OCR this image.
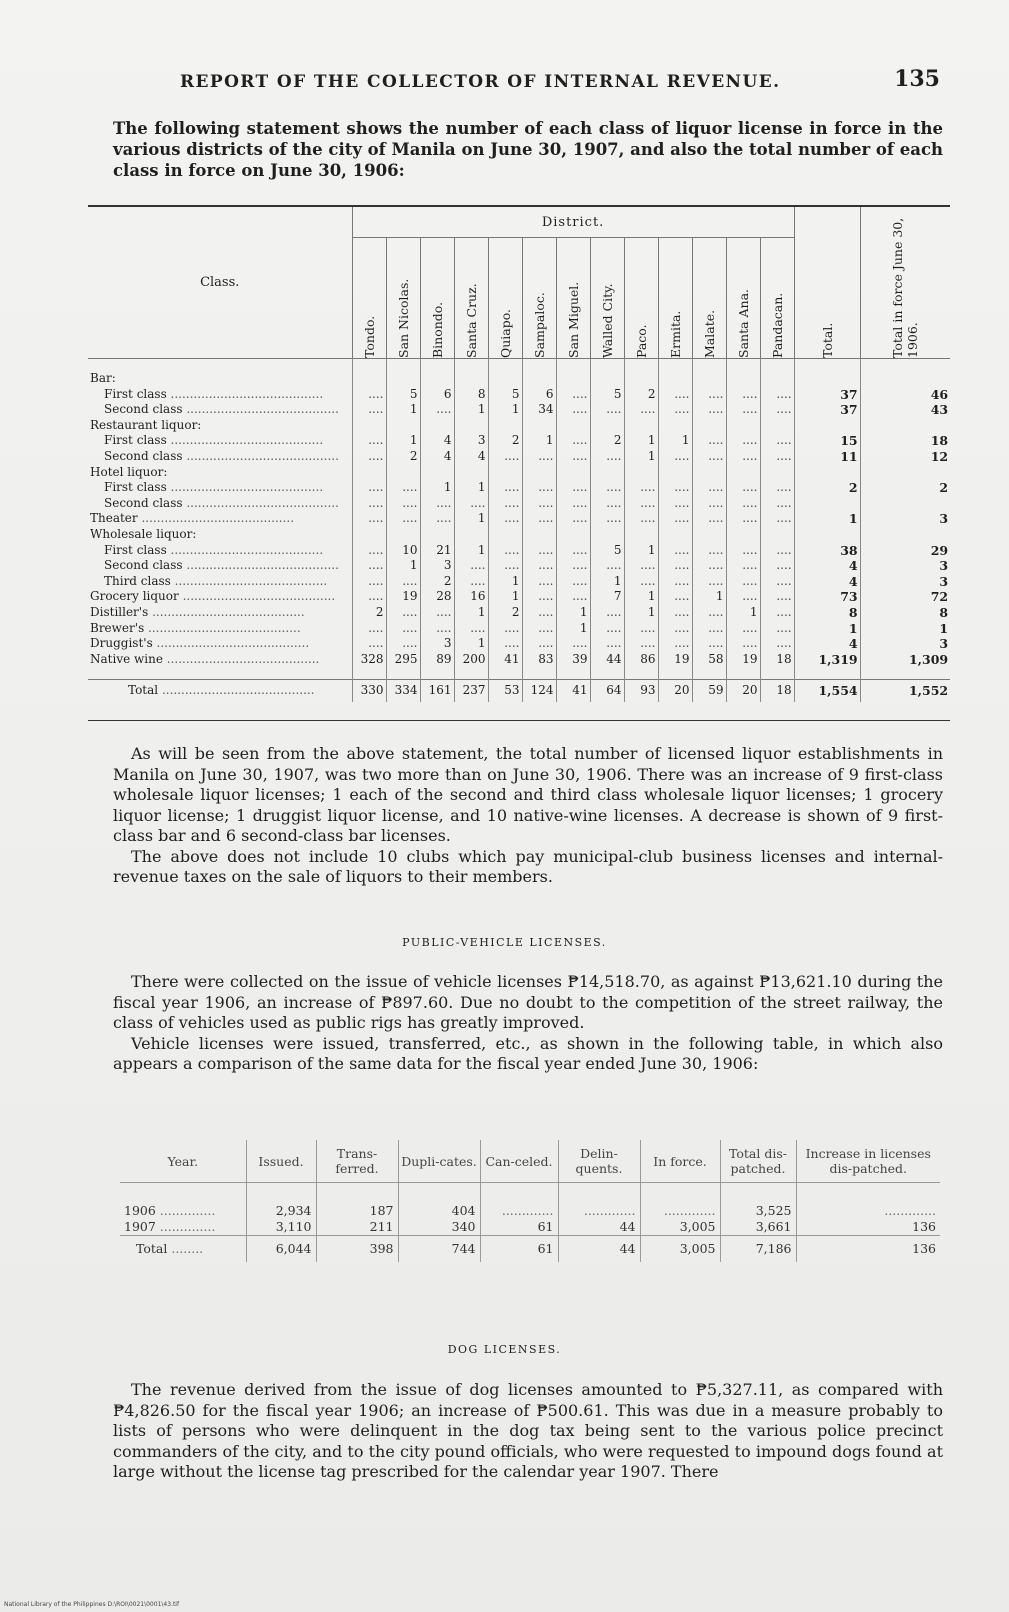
REPORT OF THE COLLECTOR OF INTERNAL REVENUE.	135
The following statement shows the number of each class of liquor license in force in the various districts of the city of Manila on June 30, 1907, and also the total number of each class in force on June 30, 1906:
Class.	District.													Total.	Total in force June 30, 1906.

	Tondo.	San Nicolas.	Binondo.	Santa Cruz.	Quiapo.	Sampaloc.	San Miguel.	Walled City.	Paco.	Ermita.	Malate.	Santa Ana.	Pandacan.		

Bar:															
First class ........................................	....	5	6	8	5	6	....	5	2	....	....	....	....	37	46
Second class ........................................	....	1	....	1	1	34	....	....	....	....	....	....	....	37	43
Restaurant liquor:															
First class ........................................	....	1	4	3	2	1	....	2	1	1	....	....	....	15	18
Second class ........................................	....	2	4	4	....	....	....	....	1	....	....	....	....	11	12
Hotel liquor:															
First class ........................................	....	....	1	1	....	....	....	....	....	....	....	....	....	2	2
Second class ........................................	....	....	....	....	....	....	....	....	....	....	....	....	....		
Theater ........................................	....	....	....	1	....	....	....	....	....	....	....	....	....	1	3
Wholesale liquor:															
First class ........................................	....	10	21	1	....	....	....	5	1	....	....	....	....	38	29
Second class ........................................	....	1	3	....	....	....	....	....	....	....	....	....	....	4	3
Third class ........................................	....	....	2	....	1	....	....	1	....	....	....	....	....	4	3
Grocery liquor ........................................	....	19	28	16	1	....	....	7	1	....	1	....	....	73	72
Distiller's ........................................	2	....	....	1	2	....	1	....	1	....	....	1	....	8	8
Brewer's ........................................	....	....	....	....	....	....	1	....	....	....	....	....	....	1	1
Druggist's ........................................	....	....	3	1	....	....	....	....	....	....	....	....	....	4	3
Native wine ........................................	328	295	89	200	41	83	39	44	86	19	58	19	18	1,319	1,309

Total ........................................	330	334	161	237	53	124	41	64	93	20	59	20	18	1,554	1,552

As will be seen from the above statement, the total number of licensed liquor establishments in Manila on June 30, 1907, was two more than on June 30, 1906. There was an increase of 9 first-class wholesale liquor licenses; 1 each of the second and third class wholesale liquor licenses; 1 grocery liquor license; 1 druggist liquor license, and 10 native-wine licenses. A decrease is shown of 9 first-class bar and 6 second-class bar licenses.

The above does not include 10 clubs which pay municipal-club business licenses and internal-revenue taxes on the sale of liquors to their members.

PUBLIC-VEHICLE LICENSES.

There were collected on the issue of vehicle licenses ₱14,518.70, as against ₱13,621.10 during the fiscal year 1906, an increase of ₱897.60. Due no doubt to the competition of the street railway, the class of vehicles used as public rigs has greatly improved.

Vehicle licenses were issued, transferred, etc., as shown in the following table, in which also appears a comparison of the same data for the fiscal year ended June 30, 1906:

Year.	Issued.	Trans-ferred.	Dupli-cates.	Can-celed.	Delin-quents.	In force.	Total dis-patched.	Increase in licenses dis-patched.

1906 ..............	2,934	187	404	.............	.............	.............	3,525	.............
1907 ..............	3,110	211	340	61	44	3,005	3,661	136
Total ........	6,044	398	744	61	44	3,005	7,186	136
DOG LICENSES.

The revenue derived from the issue of dog licenses amounted to ₱5,327.11, as compared with ₱4,826.50 for the fiscal year 1906; an increase of ₱500.61. This was due in a measure probably to lists of persons who were delinquent in the dog tax being sent to the various police precinct commanders of the city, and to the city pound officials, who were requested to impound dogs found at large without the license tag prescribed for the calendar year 1907. There

National Library of the Philippines D:\ROI\0021\0001\43.tif
